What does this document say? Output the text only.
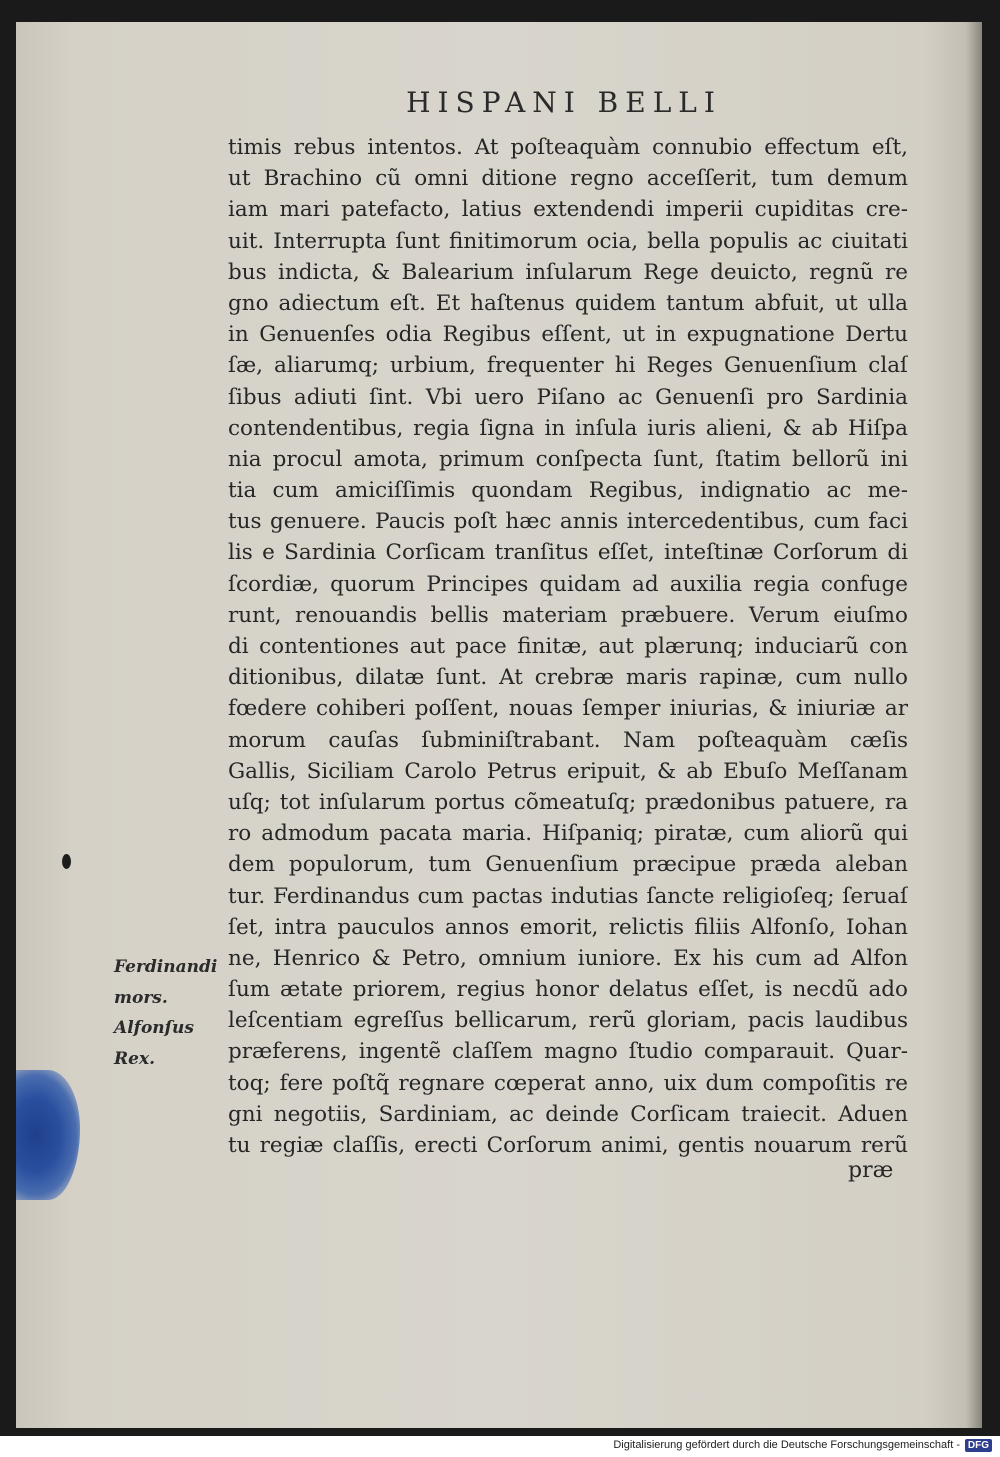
HISPANI BELLI
timis rebus intentos. At poſteaquàm connubio effectum eſt,
ut Brachino cũ omni ditione regno acceſſerit, tum demum
iam mari patefacto, latius extendendi imperii cupiditas cre-
uit. Interrupta ſunt finitimorum ocia, bella populis ac ciuitati
bus indicta, & Balearium inſularum Rege deuicto, regnũ re
gno adiectum eſt. Et haſtenus quidem tantum abfuit, ut ulla
in Genuenſes odia Regibus eſſent, ut in expugnatione Dertu
ſæ, aliarumq; urbium, frequenter hi Reges Genuenſium claſ
ſibus adiuti ſint. Vbi uero Piſano ac Genuenſi pro Sardinia
contendentibus, regia ſigna in inſula iuris alieni, & ab Hiſpa
nia procul amota, primum conſpecta ſunt, ſtatim bellorũ ini
tia cum amiciſſimis quondam Regibus, indignatio ac me-
tus genuere. Paucis poſt hæc annis intercedentibus, cum faci
lis e Sardinia Corſicam tranſitus eſſet, inteſtinæ Corſorum di
ſcordiæ, quorum Principes quidam ad auxilia regia confuge
runt, renouandis bellis materiam præbuere. Verum eiuſmo
di contentiones aut pace finitæ, aut plærunq; induciarũ con
ditionibus, dilatæ ſunt. At crebræ maris rapinæ, cum nullo
fœdere cohiberi poſſent, nouas ſemper iniurias, & iniuriæ ar
morum cauſas ſubminiſtrabant. Nam poſteaquàm cæſis
Gallis, Siciliam Carolo Petrus eripuit, & ab Ebuſo Meſſanam
uſq; tot inſularum portus cõmeatuſq; prædonibus patuere, ra
ro admodum pacata maria. Hiſpaniq; piratæ, cum aliorũ qui
dem populorum, tum Genuenſium præcipue præda aleban
tur. Ferdinandus cum pactas indutias ſancte religioſeq; ſeruaſ
ſet, intra pauculos annos emorit, relictis filiis Alfonſo, Iohan
ne, Henrico & Petro, omnium iuniore. Ex his cum ad Alfon
ſum ætate priorem, regius honor delatus eſſet, is necdũ ado
leſcentiam egreſſus bellicarum, rerũ gloriam, pacis laudibus
præferens, ingentẽ claſſem magno ſtudio comparauit. Quar-
toq; fere poſtq̃ regnare cœperat anno, uix dum compoſitis re
gni negotiis, Sardiniam, ac deinde Corſicam traiecit. Aduen
tu regiæ claſſis, erecti Corſorum animi, gentis nouarum rerũ
præ
Ferdinandi
mors.
Alfonſus
Rex.
Digitalisierung gefördert durch die Deutsche Forschungsgemeinschaft - DFG
